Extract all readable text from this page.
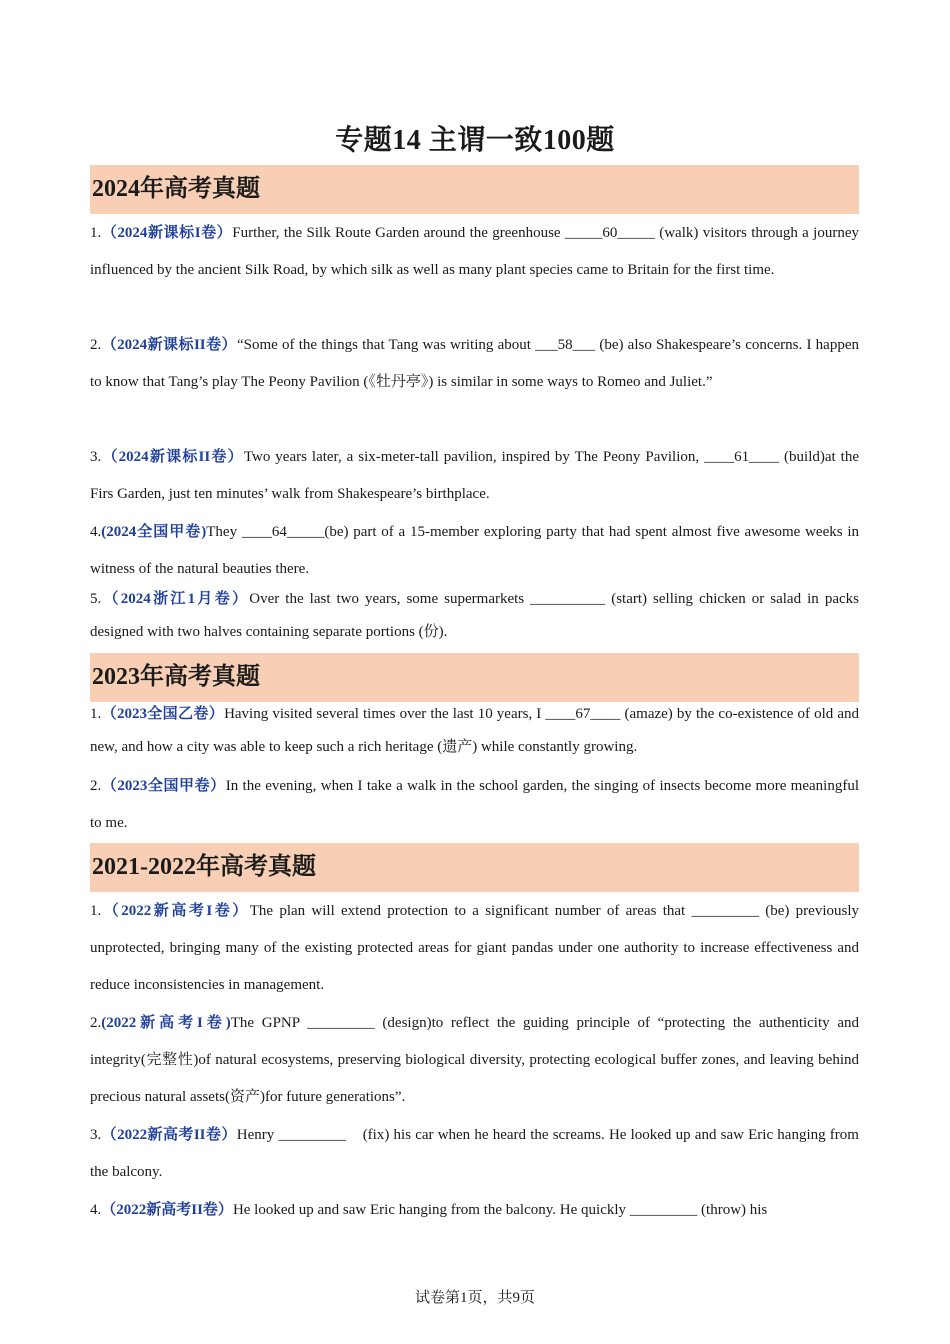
专题14 主谓一致100题
2024年高考真题
1.（2024新课标I卷）Further, the Silk Route Garden around the greenhouse _____60_____ (walk) visitors through a journey influenced by the ancient Silk Road, by which silk as well as many plant species came to Britain for the first time.
2.（2024新课标II卷）“Some of the things that Tang was writing about ___58___ (be) also Shakespeare’s concerns. I happen to know that Tang’s play The Peony Pavilion (《牡丹亭》) is similar in some ways to Romeo and Juliet.”
3.（2024新课标II卷）Two years later, a six-meter-tall pavilion, inspired by The Peony Pavilion, ____61____ (build)at the Firs Garden, just ten minutes’ walk from Shakespeare’s birthplace.
4.(2024全国甲卷)They ____64_____(be) part of a 15-member exploring party that had spent almost five awesome weeks in witness of the natural beauties there.
5.（2024浙江1月卷）Over the last two years, some supermarkets __________ (start) selling chicken or salad in packs designed with two halves containing separate portions (份).
2023年高考真题
1.（2023全国乙卷）Having visited several times over the last 10 years, I ____67____ (amaze) by the co-existence of old and new, and how a city was able to keep such a rich heritage (遗产) while constantly growing.
2.（2023全国甲卷）In the evening, when I take a walk in the school garden, the singing of insects become more meaningful to me.
2021-2022年高考真题
1.（2022新高考I卷）The plan will extend protection to a significant number of areas that _________ (be) previously unprotected, bringing many of the existing protected areas for giant pandas under one authority to increase effectiveness and reduce inconsistencies in management.
2.(2022新高考I卷)The GPNP _________ (design)to reflect the guiding principle of “protecting the authenticity and integrity(完整性)of natural ecosystems, preserving biological diversity, protecting ecological buffer zones, and leaving behind precious natural assets(资产)for future generations”.
3.（2022新高考II卷）Henry _________    (fix) his car when he heard the screams. He looked up and saw Eric hanging from the balcony.
4.（2022新高考II卷）He looked up and saw Eric hanging from the balcony. He quickly _________ (throw) his
试卷第1页，共9页
